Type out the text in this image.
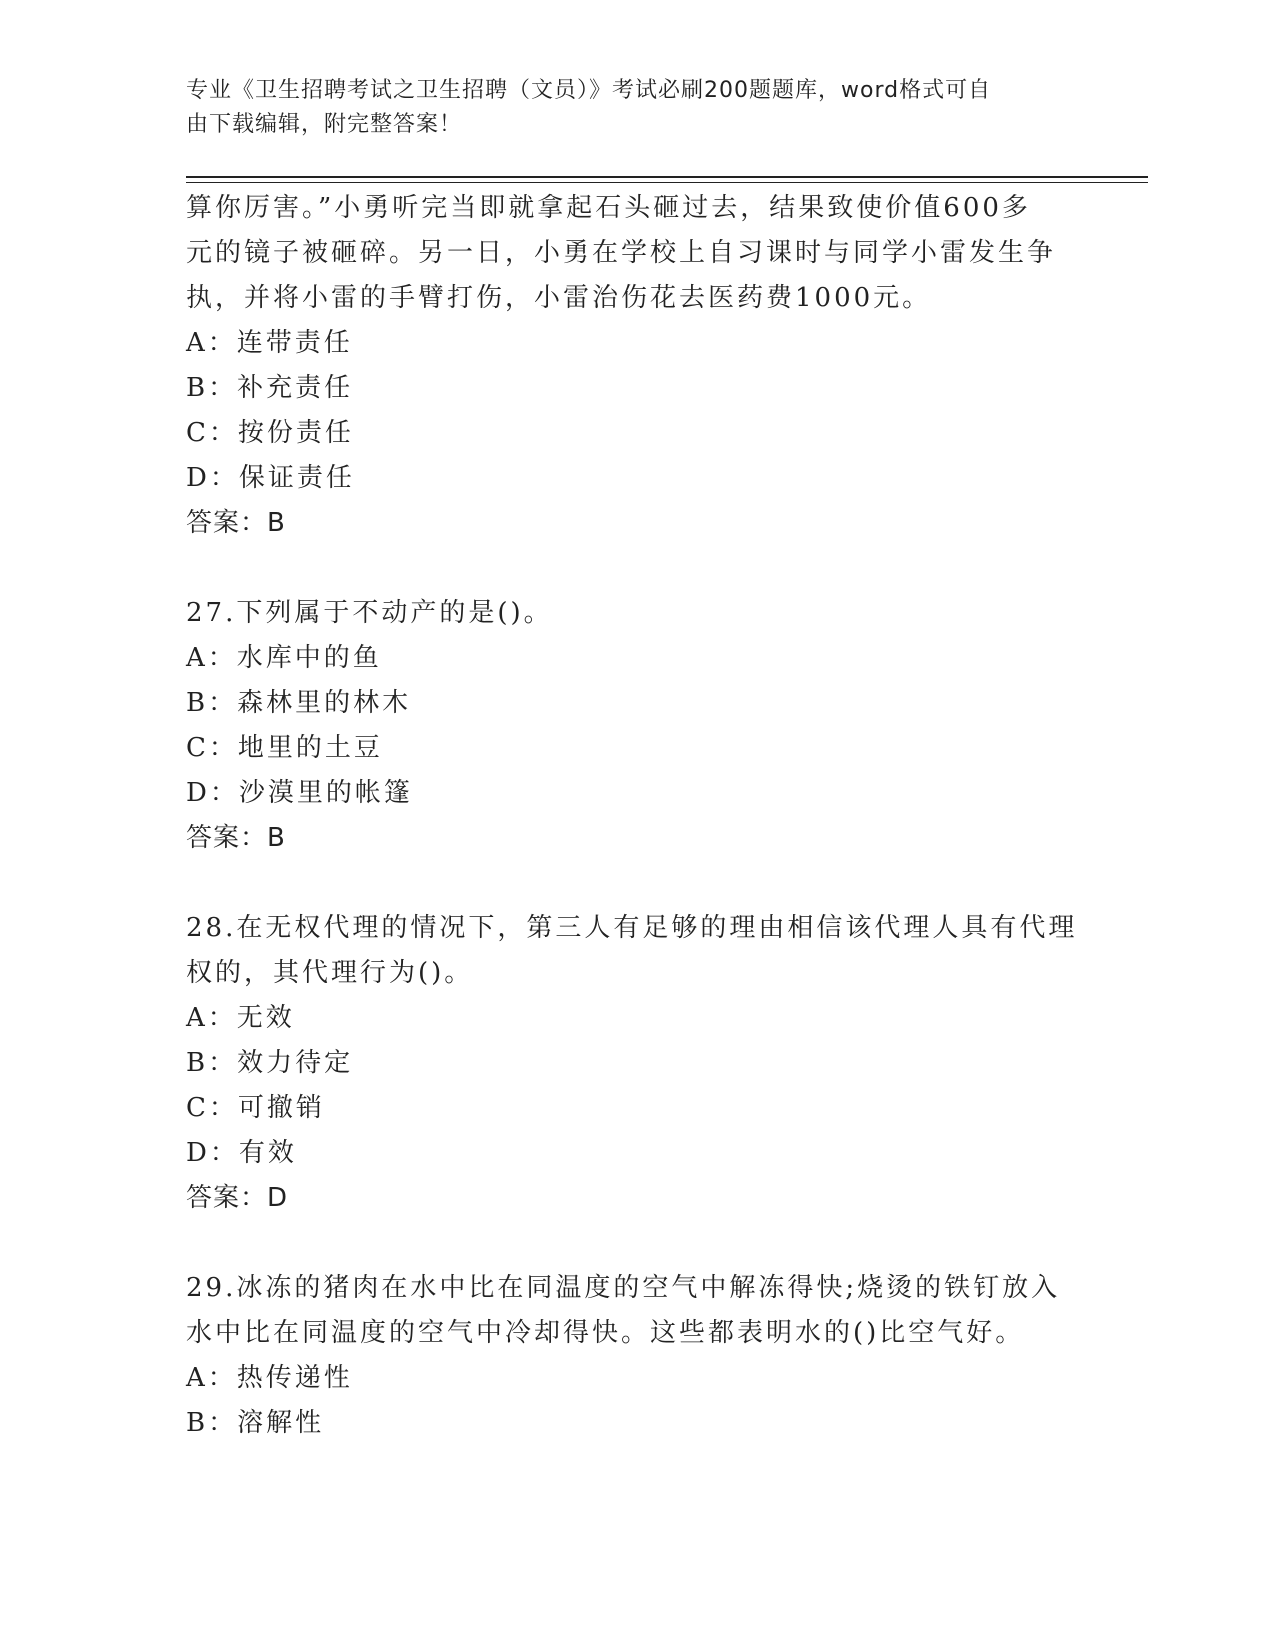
专业《卫生招聘考试之卫生招聘（文员）》考试必刷200题题库，word格式可自
由下载编辑，附完整答案！
算你厉害。”小勇听完当即就拿起石头砸过去，结果致使价值600多
元的镜子被砸碎。另一日，小勇在学校上自习课时与同学小雷发生争
执，并将小雷的手臂打伤，小雷治伤花去医药费1000元。
A：连带责任
B：补充责任
C：按份责任
D：保证责任
答案：B
27.下列属于不动产的是()。
A：水库中的鱼
B：森林里的林木
C：地里的土豆
D：沙漠里的帐篷
答案：B
28.在无权代理的情况下，第三人有足够的理由相信该代理人具有代理
权的，其代理行为()。
A：无效
B：效力待定
C：可撤销
D：有效
答案：D
29.冰冻的猪肉在水中比在同温度的空气中解冻得快;烧烫的铁钉放入
水中比在同温度的空气中冷却得快。这些都表明水的()比空气好。
A：热传递性
B：溶解性
